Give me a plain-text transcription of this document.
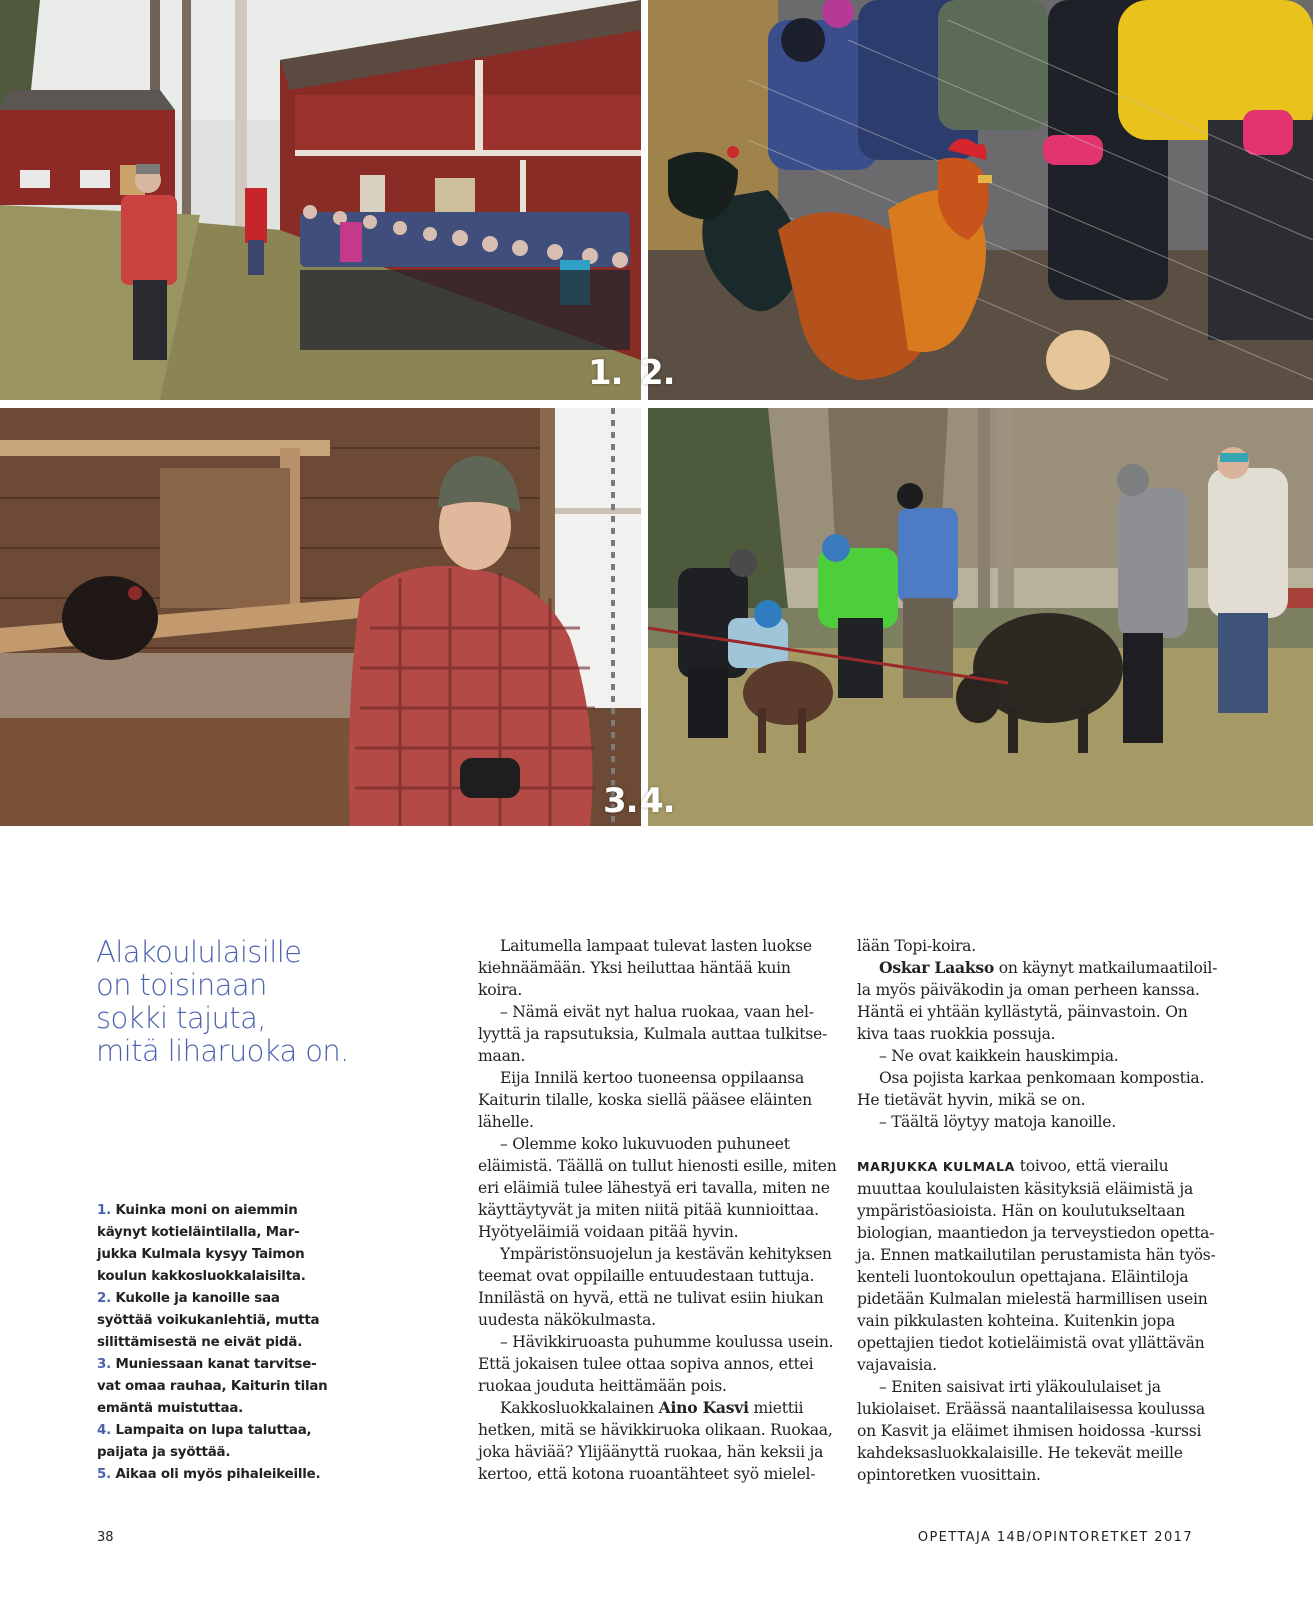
1. 2.
3. 4.
Alakoululaisille
on toisinaan
sokki tajuta,
mitä liharuoka on.
1. Kuinka moni on aiemmin
käynyt kotieläintilalla, Mar-
jukka Kulmala kysyy Taimon
koulun kakkosluokkalaisilta.
2. Kukolle ja kanoille saa
syöttää voikukanlehtiä, mutta
silittämisestä ne eivät pidä.
3. Muniessaan kanat tarvitse-
vat omaa rauhaa, Kaiturin tilan
emäntä muistuttaa.
4. Lampaita on lupa taluttaa,
paijata ja syöttää.
5. Aikaa oli myös pihaleikeille.
Laitumella lampaat tulevat lasten luokse
kiehnäämään. Yksi heiluttaa häntää kuin
koira.
– Nämä eivät nyt halua ruokaa, vaan hel-
lyyttä ja rapsutuksia, Kulmala auttaa tulkitse-
maan.
Eija Innilä kertoo tuoneensa oppilaansa
Kaiturin tilalle, koska siellä pääsee eläinten
lähelle.
– Olemme koko lukuvuoden puhuneet
eläimistä. Täällä on tullut hienosti esille, miten
eri eläimiä tulee lähestyä eri tavalla, miten ne
käyttäytyvät ja miten niitä pitää kunnioittaa.
Hyötyeläimiä voidaan pitää hyvin.
Ympäristönsuojelun ja kestävän kehityksen
teemat ovat oppilaille entuudestaan tuttuja.
Innilästä on hyvä, että ne tulivat esiin hiukan
uudesta näkökulmasta.
– Hävikkiruoasta puhumme koulussa usein.
Että jokaisen tulee ottaa sopiva annos, ettei
ruokaa jouduta heittämään pois.
Kakkosluokkalainen Aino Kasvi miettii
hetken, mitä se hävikkiruoka olikaan. Ruokaa,
joka häviää? Ylijäänyttä ruokaa, hän keksii ja
kertoo, että kotona ruoantähteet syö mielel-
lään Topi-koira.
Oskar Laakso on käynyt matkailumaatiloil-
la myös päiväkodin ja oman perheen kanssa.
Häntä ei yhtään kyllästytä, päinvastoin. On
kiva taas ruokkia possuja.
– Ne ovat kaikkein hauskimpia.
Osa pojista karkaa penkomaan kompostia.
He tietävät hyvin, mikä se on.
– Täältä löytyy matoja kanoille.
MARJUKKA KULMALA toivoo, että vierailu
muuttaa koululaisten käsityksiä eläimistä ja
ympäristöasioista. Hän on koulutukseltaan
biologian, maantiedon ja terveystiedon opetta-
ja. Ennen matkailutilan perustamista hän työs-
kenteli luontokoulun opettajana. Eläintiloja
pidetään Kulmalan mielestä harmillisen usein
vain pikkulasten kohteina. Kuitenkin jopa
opettajien tiedot kotieläimistä ovat yllättävän
vajavaisia.
– Eniten saisivat irti yläkoululaiset ja
lukiolaiset. Eräässä naantalilaisessa koulussa
on Kasvit ja eläimet ihmisen hoidossa -kurssi
kahdeksasluokkalaisille. He tekevät meille
opintoretken vuosittain.
38	OPETTAJA 14B/OPINTORETKET 2017
